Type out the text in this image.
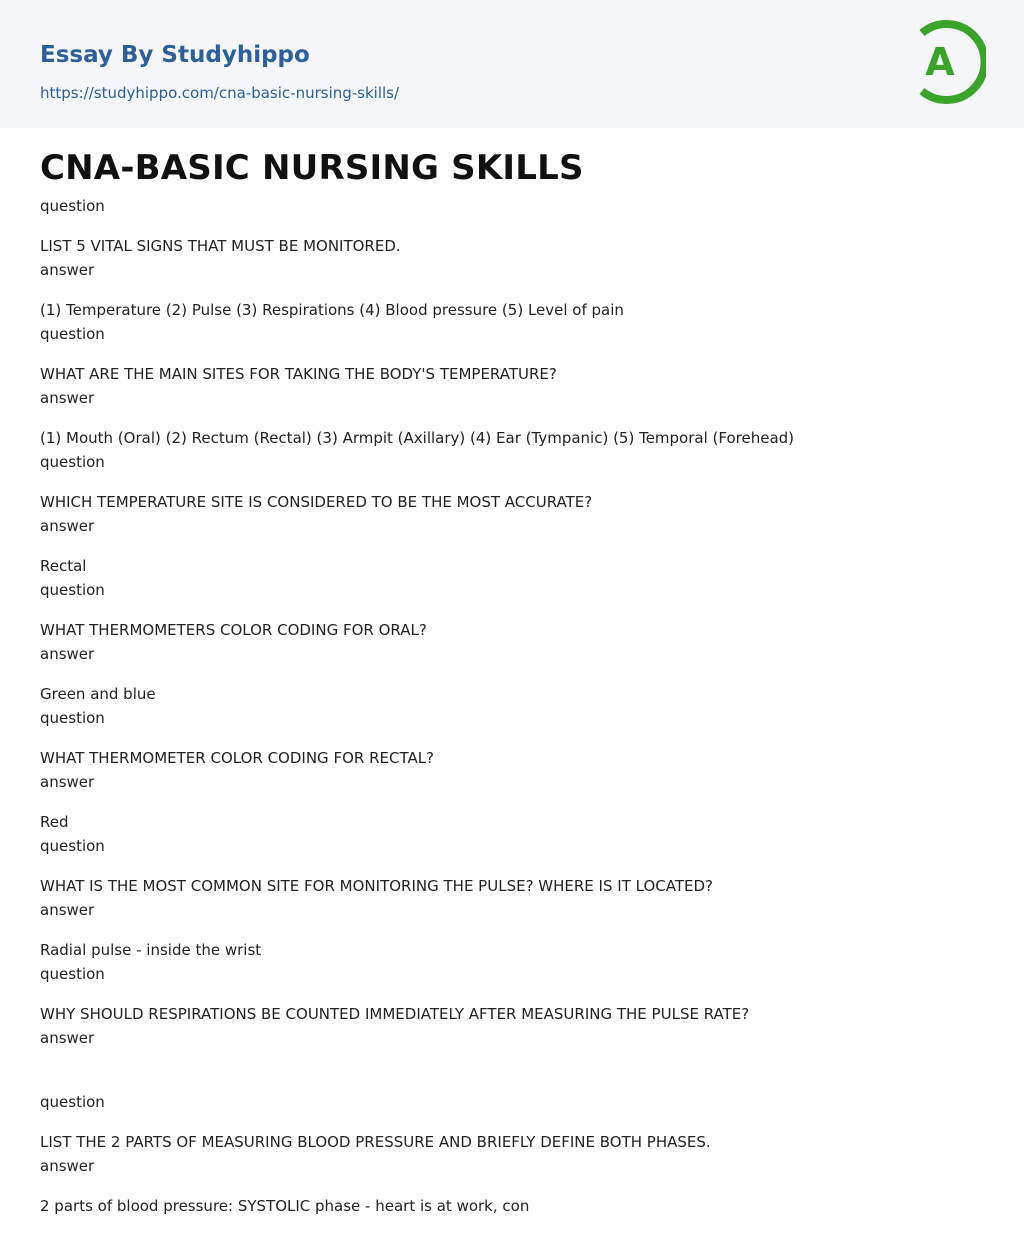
Essay By Studyhippo
https://studyhippo.com/cna-basic-nursing-skills/
A
CNA-BASIC NURSING SKILLS
question
LIST 5 VITAL SIGNS THAT MUST BE MONITORED.
answer
(1) Temperature (2) Pulse (3) Respirations (4) Blood pressure (5) Level of pain
question
WHAT ARE THE MAIN SITES FOR TAKING THE BODY'S TEMPERATURE?
answer
(1) Mouth (Oral) (2) Rectum (Rectal) (3) Armpit (Axillary) (4) Ear (Tympanic) (5) Temporal (Forehead)
question
WHICH TEMPERATURE SITE IS CONSIDERED TO BE THE MOST ACCURATE?
answer
Rectal
question
WHAT THERMOMETERS COLOR CODING FOR ORAL?
answer
Green and blue
question
WHAT THERMOMETER COLOR CODING FOR RECTAL?
answer
Red
question
WHAT IS THE MOST COMMON SITE FOR MONITORING THE PULSE? WHERE IS IT LOCATED?
answer
Radial pulse - inside the wrist
question
WHY SHOULD RESPIRATIONS BE COUNTED IMMEDIATELY AFTER MEASURING THE PULSE RATE?
answer
question
LIST THE 2 PARTS OF MEASURING BLOOD PRESSURE AND BRIEFLY DEFINE BOTH PHASES.
answer
2 parts of blood pressure: SYSTOLIC phase - heart is at work, con
